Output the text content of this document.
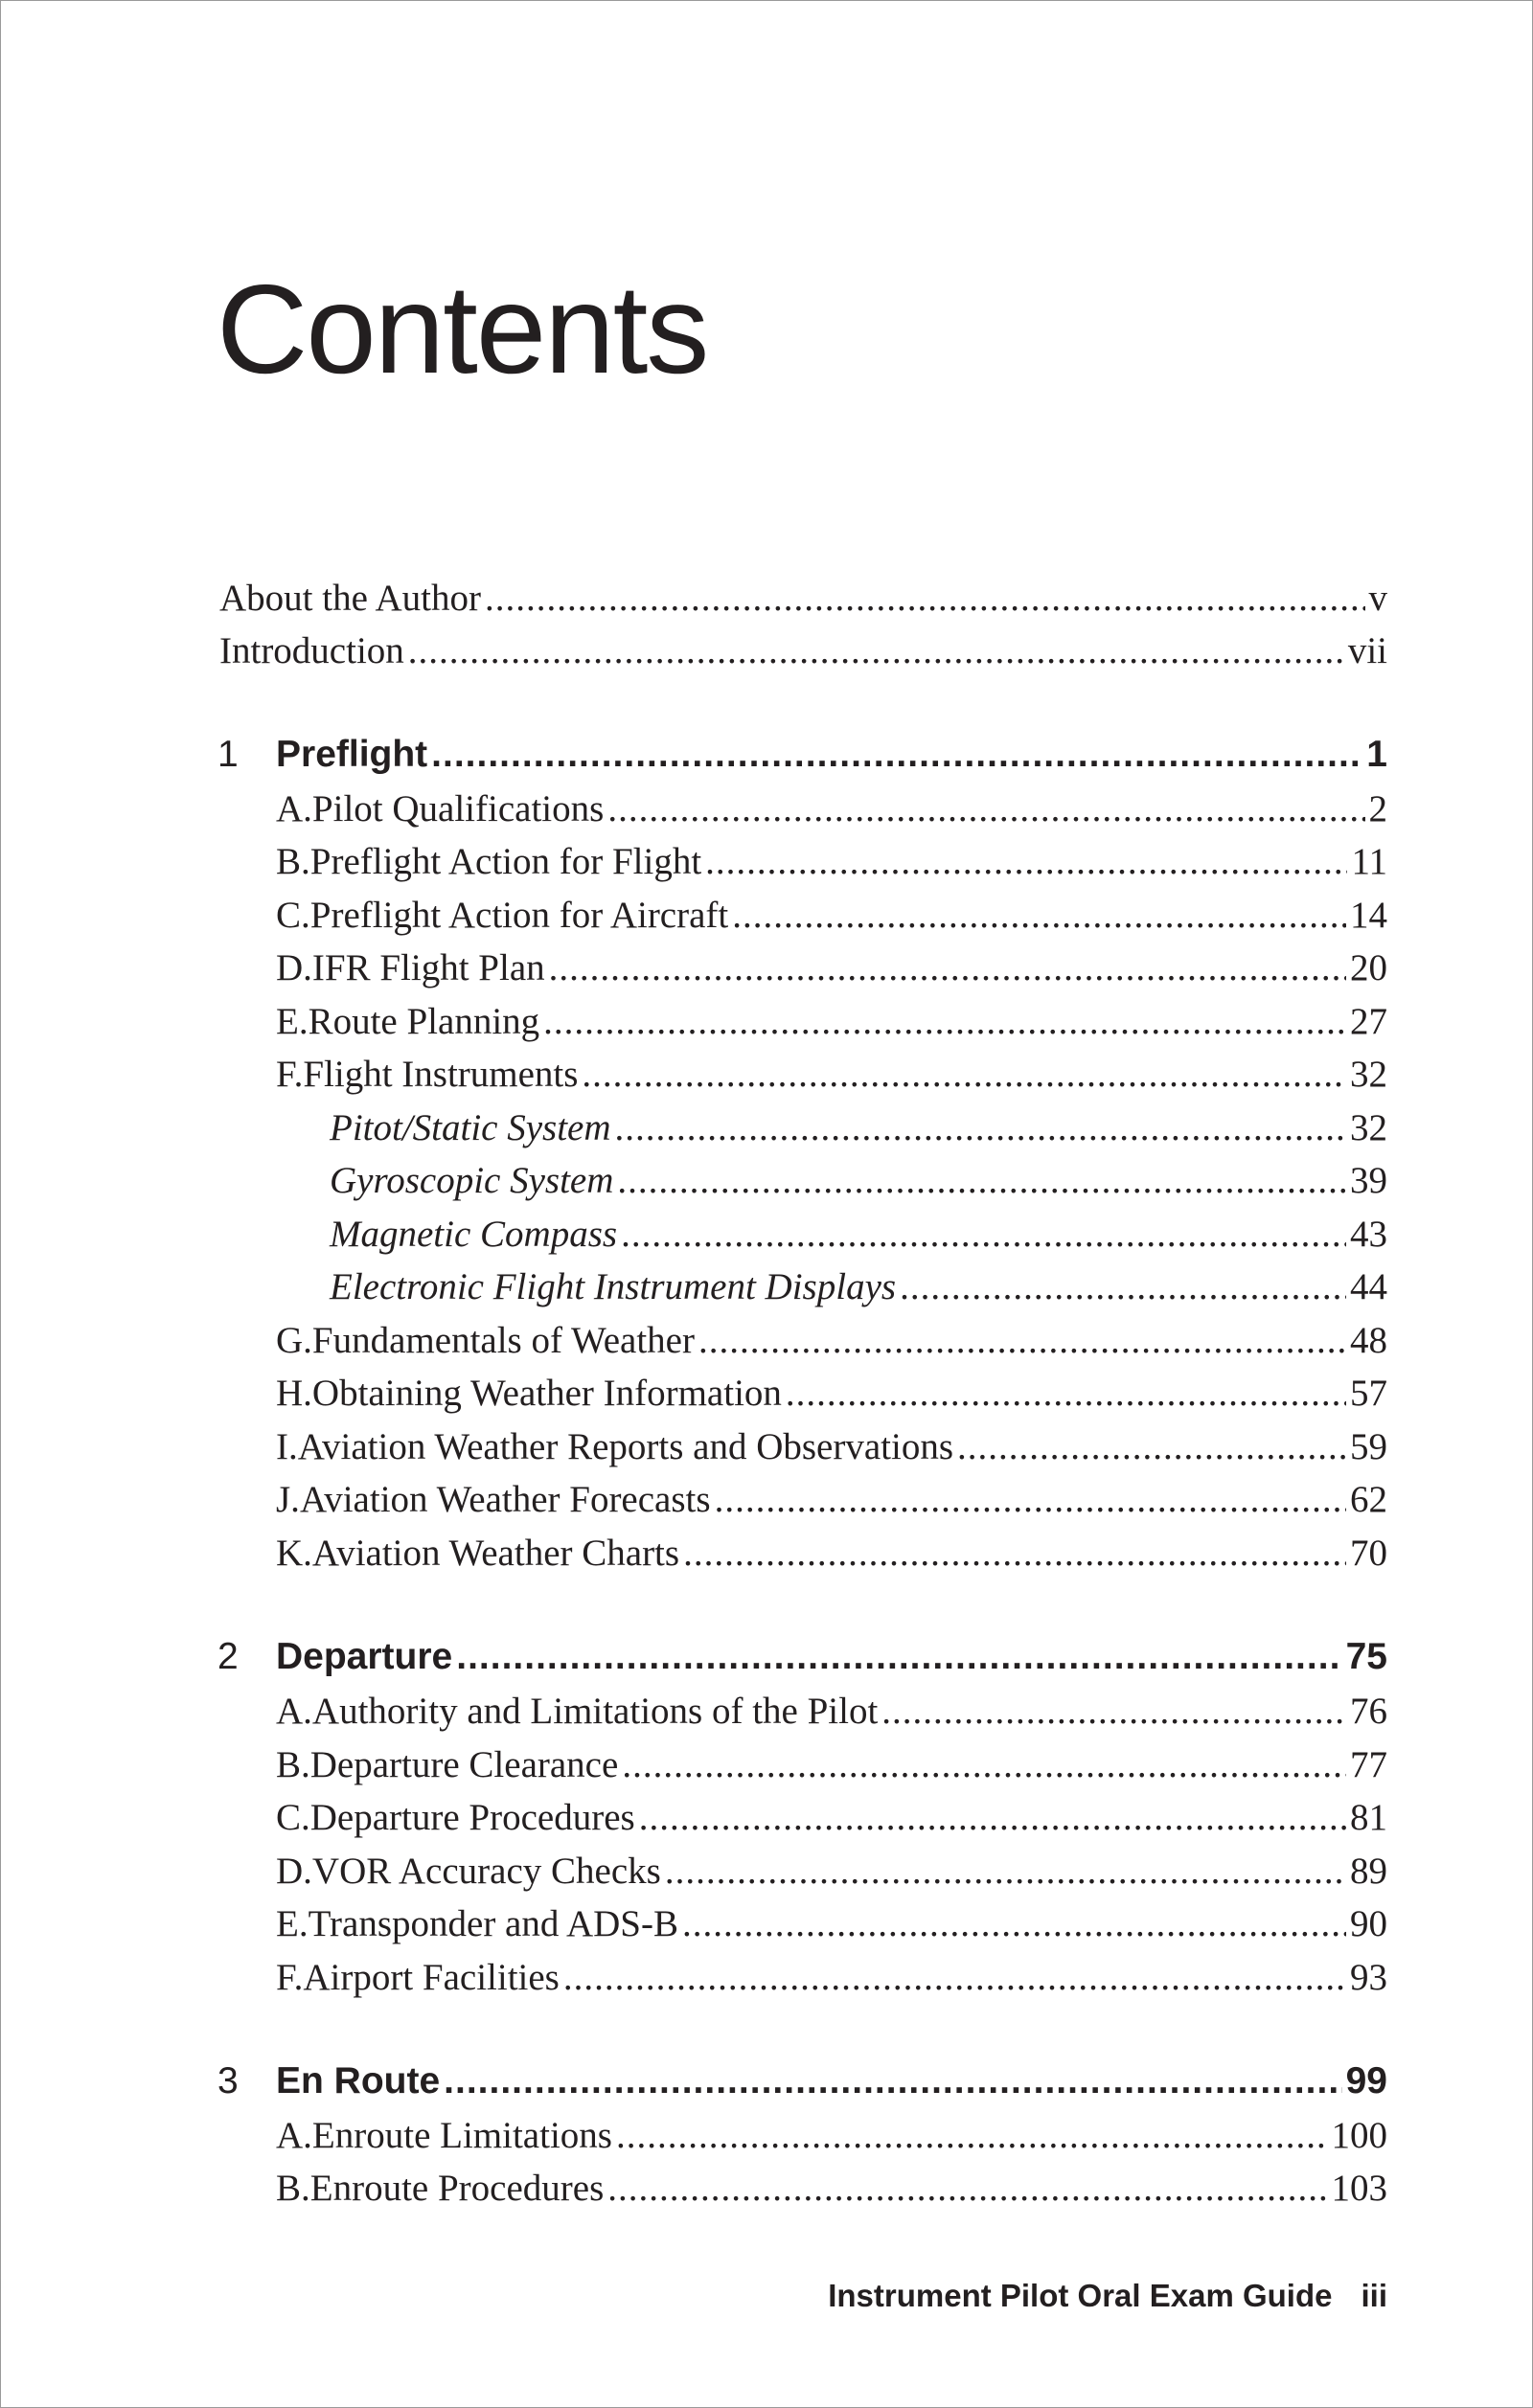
Contents
About the Author .....	v
Introduction .....	vii
1 Preflight .....	1
A. Pilot Qualifications .....	2
B. Preflight Action for Flight .....	11
C. Preflight Action for Aircraft .....	14
D. IFR Flight Plan .....	20
E. Route Planning .....	27
F. Flight Instruments .....	32
Pitot/Static System .....	32
Gyroscopic System .....	39
Magnetic Compass .....	43
Electronic Flight Instrument Displays .....	44
G. Fundamentals of Weather .....	48
H. Obtaining Weather Information .....	57
I. Aviation Weather Reports and Observations .....	59
J. Aviation Weather Forecasts .....	62
K. Aviation Weather Charts .....	70
2 Departure .....	75
A. Authority and Limitations of the Pilot .....	76
B. Departure Clearance .....	77
C. Departure Procedures .....	81
D. VOR Accuracy Checks .....	89
E. Transponder and ADS-B .....	90
F. Airport Facilities .....	93
3 En Route .....	99
A. Enroute Limitations .....	100
B. Enroute Procedures .....	103
Instrument Pilot Oral Exam Guide iii
